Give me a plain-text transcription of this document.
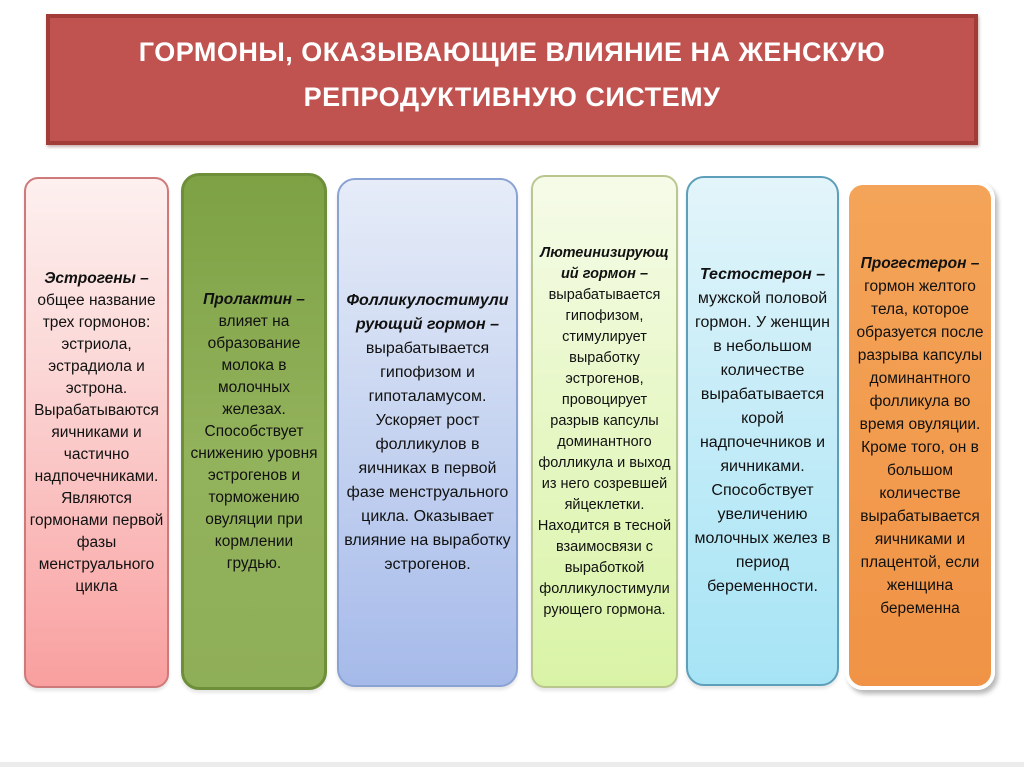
ГОРМОНЫ, ОКАЗЫВАЮЩИЕ ВЛИЯНИЕ НА ЖЕНСКУЮ РЕПРОДУКТИВНУЮ СИСТЕМУ

Эстрогены – общее название трех гормонов: эстриола, эстрадиола и эстрона. Вырабатываются яичниками и частично надпочечниками. Являются гормонами первой фазы менструального цикла

Пролактин – влияет на образование молока в молочных железах. Способствует снижению уровня эстрогенов и торможению овуляции при кормлении грудью.

Фолликулостимулирующий гормон – вырабатывается гипофизом и гипоталамусом. Ускоряет рост фолликулов в яичниках в первой фазе менструального цикла. Оказывает влияние на выработку эстрогенов.

Лютеинизирующий гормон – вырабатывается гипофизом, стимулирует выработку эстрогенов, провоцирует разрыв капсулы доминантного фолликула и выход из него созревшей яйцеклетки. Находится в тесной взаимосвязи с выработкой фолликулостимулирующего гормона.

Тестостерон – мужской половой гормон. У женщин в небольшом количестве вырабатывается корой надпочечников и яичниками. Способствует увеличению молочных желез в период беременности.

Прогестерон – гормон желтого тела, которое образуется после разрыва капсулы доминантного фолликула во время овуляции. Кроме того, он в большом количестве вырабатывается яичниками и плацентой, если женщина беременна
